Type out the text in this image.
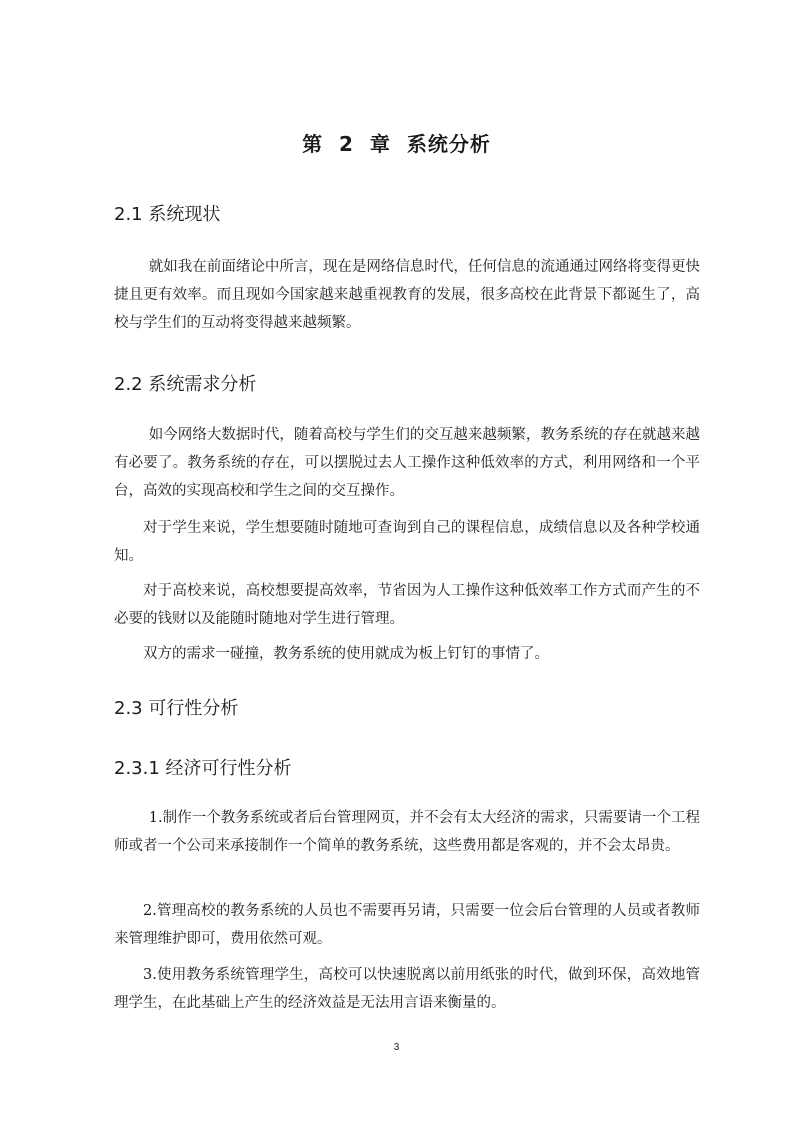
第 2 章 系统分析
2.1 系统现状
就如我在前面绪论中所言，现在是网络信息时代，任何信息的流通通过网络将变得更快捷且更有效率。而且现如今国家越来越重视教育的发展，很多高校在此背景下都诞生了，高校与学生们的互动将变得越来越频繁。
2.2 系统需求分析
如今网络大数据时代，随着高校与学生们的交互越来越频繁，教务系统的存在就越来越有必要了。教务系统的存在，可以摆脱过去人工操作这种低效率的方式，利用网络和一个平台，高效的实现高校和学生之间的交互操作。
对于学生来说，学生想要随时随地可查询到自己的课程信息，成绩信息以及各种学校通知。
对于高校来说，高校想要提高效率，节省因为人工操作这种低效率工作方式而产生的不必要的钱财以及能随时随地对学生进行管理。
双方的需求一碰撞，教务系统的使用就成为板上钉钉的事情了。
2.3 可行性分析
2.3.1 经济可行性分析
1.制作一个教务系统或者后台管理网页，并不会有太大经济的需求，只需要请一个工程师或者一个公司来承接制作一个简单的教务系统，这些费用都是客观的，并不会太昂贵。
2.管理高校的教务系统的人员也不需要再另请，只需要一位会后台管理的人员或者教师来管理维护即可，费用依然可观。
3.使用教务系统管理学生，高校可以快速脱离以前用纸张的时代，做到环保，高效地管理学生，在此基础上产生的经济效益是无法用言语来衡量的。
3
